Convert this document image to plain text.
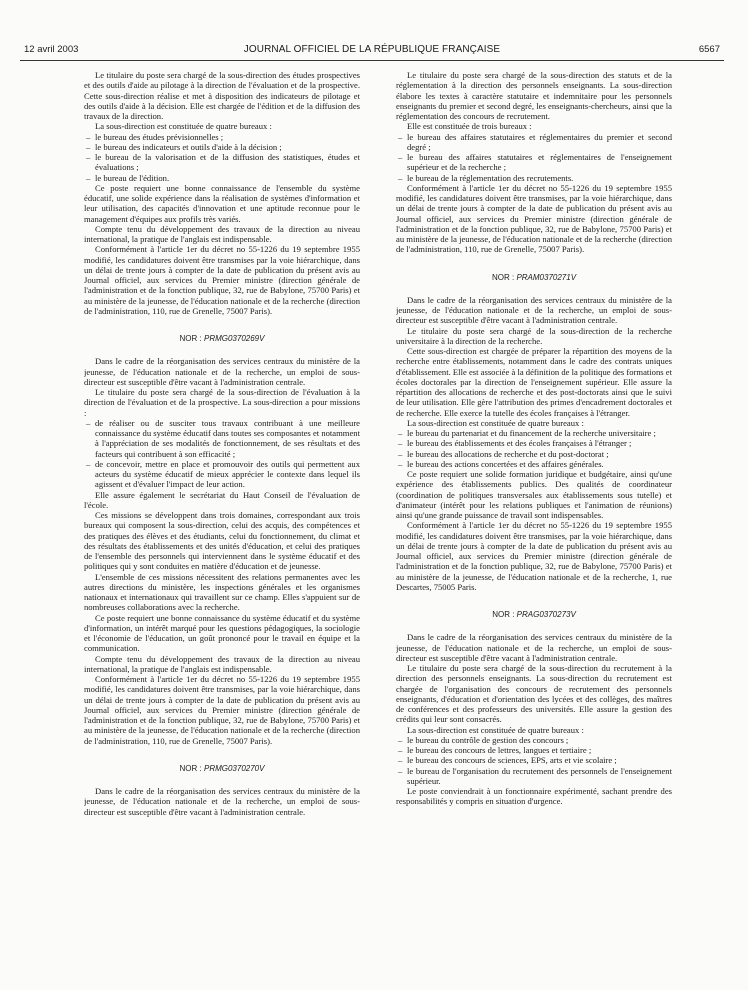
12 avril 2003	JOURNAL OFFICIEL DE LA RÉPUBLIQUE FRANÇAISE	6567

Le titulaire du poste sera chargé de la sous-direction des études prospectives et des outils d'aide au pilotage à la direction de l'évaluation et de la prospective. Cette sous-direction réalise et met à disposition des indicateurs de pilotage et des outils d'aide à la décision. Elle est chargée de l'édition et de la diffusion des travaux de la direction.

La sous-direction est constituée de quatre bureaux :

– le bureau des études prévisionnelles ;
– le bureau des indicateurs et outils d'aide à la décision ;
– le bureau de la valorisation et de la diffusion des statistiques, études et évaluations ;
– le bureau de l'édition.

Ce poste requiert une bonne connaissance de l'ensemble du système éducatif, une solide expérience dans la réalisation de systèmes d'information et leur utilisation, des capacités d'innovation et une aptitude reconnue pour le management d'équipes aux profils très variés.

Compte tenu du développement des travaux de la direction au niveau international, la pratique de l'anglais est indispensable.

Conformément à l'article 1er du décret no 55-1226 du 19 septembre 1955 modifié, les candidatures doivent être transmises par la voie hiérarchique, dans un délai de trente jours à compter de la date de publication du présent avis au Journal officiel, aux services du Premier ministre (direction générale de l'administration et de la fonction publique, 32, rue de Babylone, 75700 Paris) et au ministère de la jeunesse, de l'éducation nationale et de la recherche (direction de l'administration, 110, rue de Grenelle, 75007 Paris).

NOR : PRMG0370269V

Dans le cadre de la réorganisation des services centraux du ministère de la jeunesse, de l'éducation nationale et de la recherche, un emploi de sous-directeur est susceptible d'être vacant à l'administration centrale.

Le titulaire du poste sera chargé de la sous-direction de l'évaluation à la direction de l'évaluation et de la prospective. La sous-direction a pour missions :

– de réaliser ou de susciter tous travaux contribuant à une meilleure connaissance du système éducatif dans toutes ses composantes et notamment à l'appréciation de ses modalités de fonctionnement, de ses résultats et des facteurs qui contribuent à son efficacité ;
– de concevoir, mettre en place et promouvoir des outils qui permettent aux acteurs du système éducatif de mieux apprécier le contexte dans lequel ils agissent et d'évaluer l'impact de leur action.

Elle assure également le secrétariat du Haut Conseil de l'évaluation de l'école.

Ces missions se développent dans trois domaines, correspondant aux trois bureaux qui composent la sous-direction, celui des acquis, des compétences et des pratiques des élèves et des étudiants, celui du fonctionnement, du climat et des résultats des établissements et des unités d'éducation, et celui des pratiques de l'ensemble des personnels qui interviennent dans le système éducatif et des politiques qui y sont conduites en matière d'éducation et de jeunesse.

L'ensemble de ces missions nécessitent des relations permanentes avec les autres directions du ministère, les inspections générales et les organismes nationaux et internationaux qui travaillent sur ce champ. Elles s'appuient sur de nombreuses collaborations avec la recherche.

Ce poste requiert une bonne connaissance du système éducatif et du système d'information, un intérêt marqué pour les questions pédagogiques, la sociologie et l'économie de l'éducation, un goût prononcé pour le travail en équipe et la communication.

Compte tenu du développement des travaux de la direction au niveau international, la pratique de l'anglais est indispensable.

Conformément à l'article 1er du décret no 55-1226 du 19 septembre 1955 modifié, les candidatures doivent être transmises, par la voie hiérarchique, dans un délai de trente jours à compter de la date de publication du présent avis au Journal officiel, aux services du Premier ministre (direction générale de l'administration et de la fonction publique, 32, rue de Babylone, 75700 Paris) et au ministère de la jeunesse, de l'éducation nationale et de la recherche (direction de l'administration, 110, rue de Grenelle, 75007 Paris).

NOR : PRMG0370270V

Dans le cadre de la réorganisation des services centraux du ministère de la jeunesse, de l'éducation nationale et de la recherche, un emploi de sous-directeur est susceptible d'être vacant à l'administration centrale.

Le titulaire du poste sera chargé de la sous-direction des statuts et de la réglementation à la direction des personnels enseignants. La sous-direction élabore les textes à caractère statutaire et indemnitaire pour les personnels enseignants du premier et second degré, les enseignants-chercheurs, ainsi que la réglementation des concours de recrutement.

Elle est constituée de trois bureaux :

– le bureau des affaires statutaires et réglementaires du premier et second degré ;
– le bureau des affaires statutaires et réglementaires de l'enseignement supérieur et de la recherche ;
– le bureau de la réglementation des recrutements.

Conformément à l'article 1er du décret no 55-1226 du 19 septembre 1955 modifié, les candidatures doivent être transmises, par la voie hiérarchique, dans un délai de trente jours à compter de la date de publication du présent avis au Journal officiel, aux services du Premier ministre (direction générale de l'administration et de la fonction publique, 32, rue de Babylone, 75700 Paris) et au ministère de la jeunesse, de l'éducation nationale et de la recherche (direction de l'administration, 110, rue de Grenelle, 75007 Paris).

NOR : PRAM0370271V

Dans le cadre de la réorganisation des services centraux du ministère de la jeunesse, de l'éducation nationale et de la recherche, un emploi de sous-directeur est susceptible d'être vacant à l'administration centrale.

Le titulaire du poste sera chargé de la sous-direction de la recherche universitaire à la direction de la recherche.

Cette sous-direction est chargée de préparer la répartition des moyens de la recherche entre établissements, notamment dans le cadre des contrats uniques d'établissement. Elle est associée à la définition de la politique des formations et écoles doctorales par la direction de l'enseignement supérieur. Elle assure la répartition des allocations de recherche et des post-doctorats ainsi que le suivi de leur utilisation. Elle gère l'attribution des primes d'encadrement doctorales et de recherche. Elle exerce la tutelle des écoles françaises à l'étranger.

La sous-direction est constituée de quatre bureaux :

– le bureau du partenariat et du financement de la recherche universitaire ;
– le bureau des établissements et des écoles françaises à l'étranger ;
– le bureau des allocations de recherche et du post-doctorat ;
– le bureau des actions concertées et des affaires générales.

Ce poste requiert une solide formation juridique et budgétaire, ainsi qu'une expérience des établissements publics. Des qualités de coordinateur (coordination de politiques transversales aux établissements sous tutelle) et d'animateur (intérêt pour les relations publiques et l'animation de réunions) ainsi qu'une grande puissance de travail sont indispensables.

Conformément à l'article 1er du décret no 55-1226 du 19 septembre 1955 modifié, les candidatures doivent être transmises, par la voie hiérarchique, dans un délai de trente jours à compter de la date de publication du présent avis au Journal officiel, aux services du Premier ministre (direction générale de l'administration et de la fonction publique, 32, rue de Babylone, 75700 Paris) et au ministère de la jeunesse, de l'éducation nationale et de la recherche, 1, rue Descartes, 75005 Paris.

NOR : PRAG0370273V

Dans le cadre de la réorganisation des services centraux du ministère de la jeunesse, de l'éducation nationale et de la recherche, un emploi de sous-directeur est susceptible d'être vacant à l'administration centrale.

Le titulaire du poste sera chargé de la sous-direction du recrutement à la direction des personnels enseignants. La sous-direction du recrutement est chargée de l'organisation des concours de recrutement des personnels enseignants, d'éducation et d'orientation des lycées et des collèges, des maîtres de conférences et des professeurs des universités. Elle assure la gestion des crédits qui leur sont consacrés.

La sous-direction est constituée de quatre bureaux :

– le bureau du contrôle de gestion des concours ;
– le bureau des concours de lettres, langues et tertiaire ;
– le bureau des concours de sciences, EPS, arts et vie scolaire ;
– le bureau de l'organisation du recrutement des personnels de l'enseignement supérieur.

Le poste conviendrait à un fonctionnaire expérimenté, sachant prendre des responsabilités y compris en situation d'urgence.
